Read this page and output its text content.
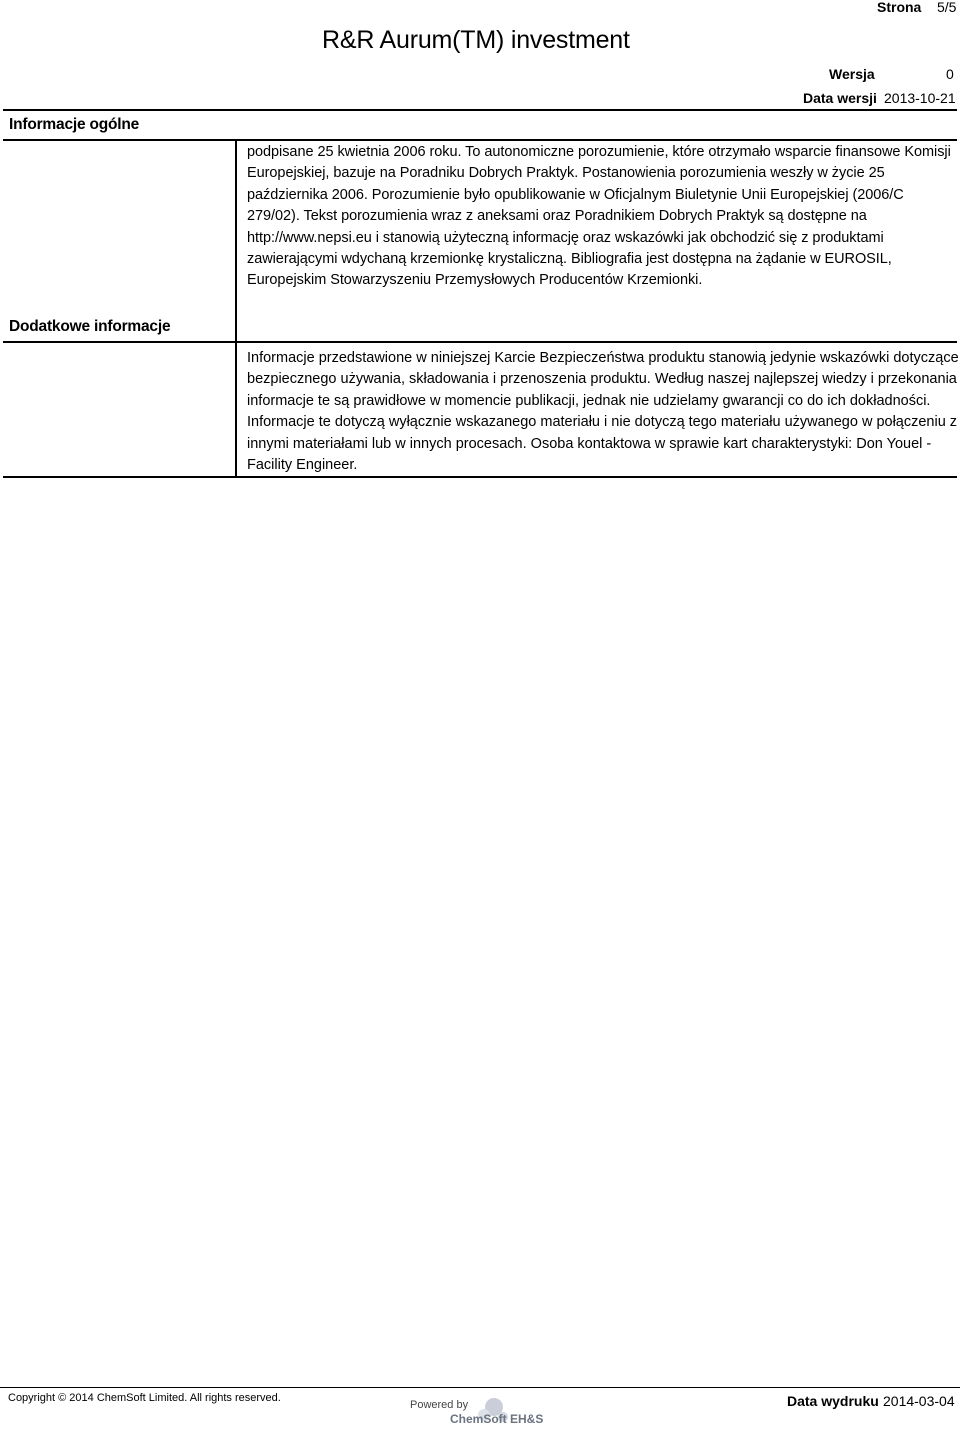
Strona 5/5
R&R Aurum(TM) investment
Wersja	0
Data wersji 2013-10-21
Informacje ogólne
podpisane 25 kwietnia 2006 roku. To autonomiczne porozumienie, które otrzymało wsparcie finansowe Komisji Europejskiej, bazuje na Poradniku Dobrych Praktyk. Postanowienia porozumienia weszły w życie 25 października 2006. Porozumienie było opublikowanie w Oficjalnym Biuletynie Unii Europejskiej (2006/C 279/02). Tekst porozumienia wraz z aneksami oraz Poradnikiem Dobrych Praktyk są dostępne na http://www.nepsi.eu i stanowią użyteczną informację oraz wskazówki jak obchodzić się z produktami zawierającymi wdychaną krzemionkę krystaliczną. Bibliografia jest dostępna na żądanie w EUROSIL, Europejskim Stowarzyszeniu Przemysłowych Producentów Krzemionki.
Dodatkowe informacje
Informacje przedstawione w niniejszej Karcie Bezpieczeństwa produktu stanowią jedynie wskazówki dotyczące bezpiecznego używania, składowania i przenoszenia produktu. Według naszej najlepszej wiedzy i przekonania informacje te są prawidłowe w momencie publikacji, jednak nie udzielamy gwarancji co do ich dokładności. Informacje te dotyczą wyłącznie wskazanego materiału i nie dotyczą tego materiału używanego w połączeniu z innymi materiałami lub w innych procesach. Osoba kontaktowa w sprawie kart charakterystyki: Don Youel - Facility Engineer.
Copyright © 2014 ChemSoft Limited. All rights reserved.
Powered by
ChemSoft EH&S
Data wydruku 2014-03-04
